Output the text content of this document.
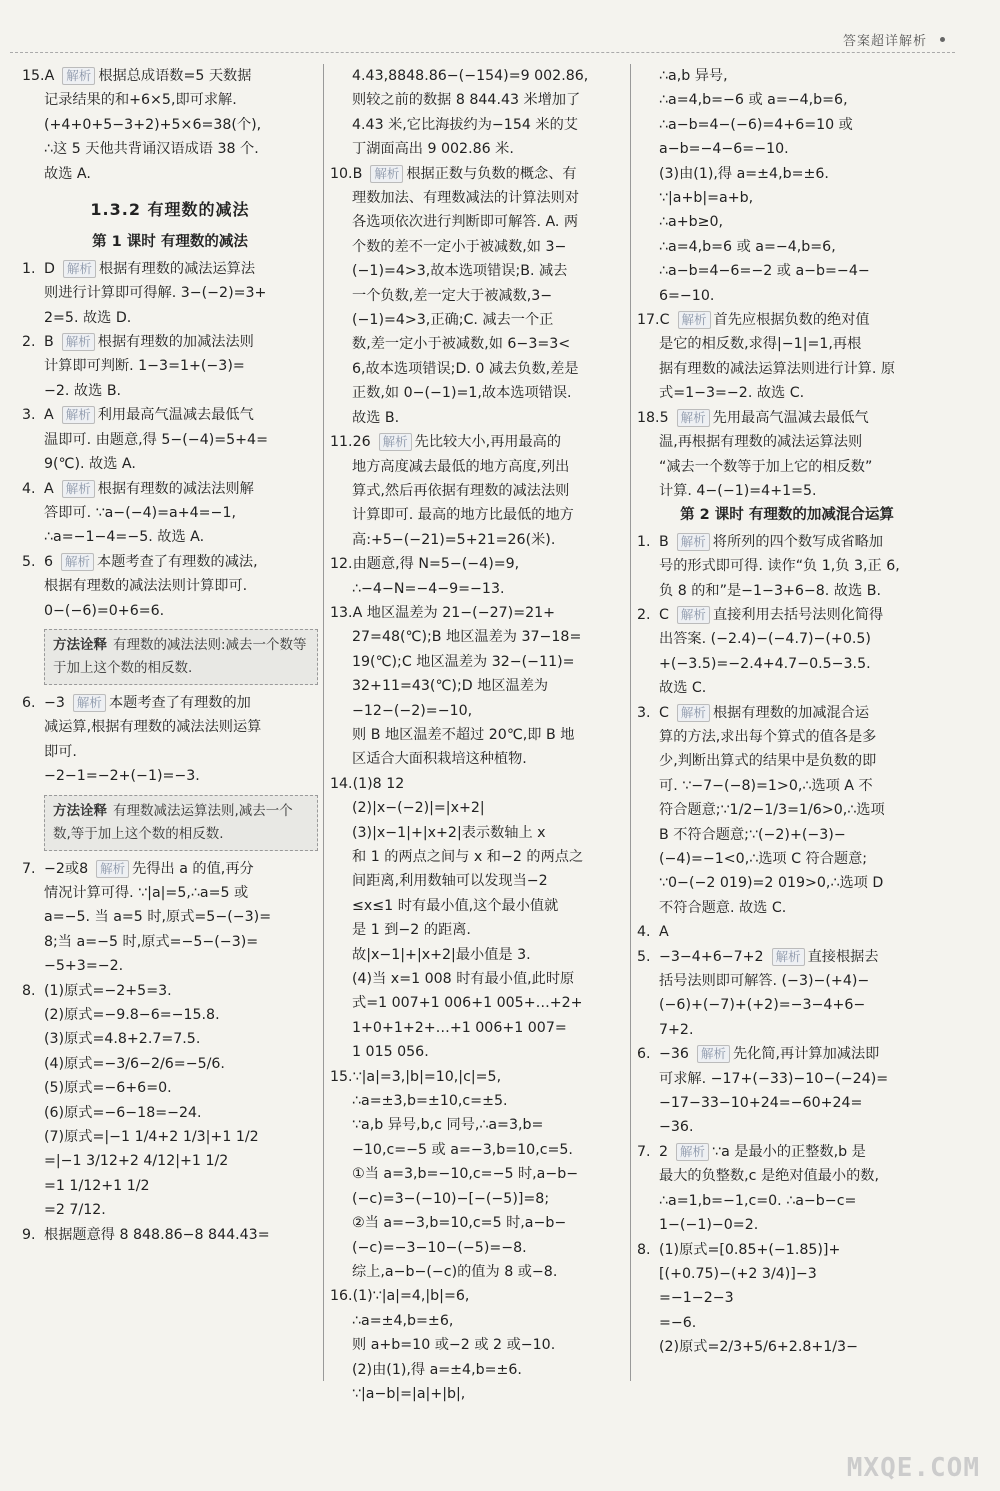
答案超详解析
15.A 解析 根据总成语数=5 天数据
记录结果的和+6×5,即可求解.
(+4+0+5−3+2)+5×6=38(个),
∴这 5 天他共背诵汉语成语 38 个.
故选 A.
1.3.2 有理数的减法
第 1 课时 有理数的减法
1. D 解析 根据有理数的减法运算法
则进行计算即可得解. 3−(−2)=3+
2=5. 故选 D.
2. B 解析 根据有理数的加减法法则
计算即可判断. 1−3=1+(−3)=
−2. 故选 B.
3. A 解析 利用最高气温减去最低气
温即可. 由题意,得 5−(−4)=5+4=
9(℃). 故选 A.
4. A 解析 根据有理数的减法法则解
答即可. ∵a−(−4)=a+4=−1,
∴a=−1−4=−5. 故选 A.
5. 6 解析 本题考查了有理数的减法,
根据有理数的减法法则计算即可.
0−(−6)=0+6=6.
方法诠释 有理数的减法法则:减去一个数等于加上这个数的相反数.
6. −3 解析 本题考查了有理数的加
减运算,根据有理数的减法法则运算
即可.
−2−1=−2+(−1)=−3.
方法诠释 有理数减法运算法则,减去一个数,等于加上这个数的相反数.
7. −2或8 解析 先得出 a 的值,再分
情况计算可得. ∵|a|=5,∴a=5 或
a=−5. 当 a=5 时,原式=5−(−3)=
8;当 a=−5 时,原式=−5−(−3)=
−5+3=−2.
8. (1)原式=−2+5=3.
(2)原式=−9.8−6=−15.8.
(3)原式=4.8+2.7=7.5.
(4)原式=−3/6−2/6=−5/6.
(5)原式=−6+6=0.
(6)原式=−6−18=−24.
(7)原式=|−1 1/4+2 1/3|+1 1/2
=|−1 3/12+2 4/12|+1 1/2
=1 1/12+1 1/2
=2 7/12.
9. 根据题意得 8 848.86−8 844.43=
4.43,8848.86−(−154)=9 002.86,
则较之前的数据 8 844.43 米增加了
4.43 米,它比海拔约为−154 米的艾
丁湖面高出 9 002.86 米.
10.B 解析 根据正数与负数的概念、有
理数加法、有理数减法的计算法则对
各选项依次进行判断即可解答. A. 两
个数的差不一定小于被减数,如 3−
(−1)=4>3,故本选项错误;B. 减去
一个负数,差一定大于被减数,3−
(−1)=4>3,正确;C. 减去一个正
数,差一定小于被减数,如 6−3=3<
6,故本选项错误;D. 0 减去负数,差是
正数,如 0−(−1)=1,故本选项错误.
故选 B.
11.26 解析 先比较大小,再用最高的
地方高度减去最低的地方高度,列出
算式,然后再依据有理数的减法法则
计算即可. 最高的地方比最低的地方
高:+5−(−21)=5+21=26(米).
12.由题意,得 N=5−(−4)=9,
∴−4−N=−4−9=−13.
13.A 地区温差为 21−(−27)=21+
27=48(℃);B 地区温差为 37−18=
19(℃);C 地区温差为 32−(−11)=
32+11=43(℃);D 地区温差为
−12−(−2)=−10,
则 B 地区温差不超过 20℃,即 B 地
区适合大面积栽培这种植物.
14.(1)8 12
(2)|x−(−2)|=|x+2|
(3)|x−1|+|x+2|表示数轴上 x
和 1 的两点之间与 x 和−2 的两点之
间距离,利用数轴可以发现当−2
≤x≤1 时有最小值,这个最小值就
是 1 到−2 的距离.
故|x−1|+|x+2|最小值是 3.
(4)当 x=1 008 时有最小值,此时原
式=1 007+1 006+1 005+…+2+
1+0+1+2+…+1 006+1 007=
1 015 056.
15.∵|a|=3,|b|=10,|c|=5,
∴a=±3,b=±10,c=±5.
∵a,b 异号,b,c 同号,∴a=3,b=
−10,c=−5 或 a=−3,b=10,c=5.
①当 a=3,b=−10,c=−5 时,a−b−
(−c)=3−(−10)−[−(−5)]=8;
②当 a=−3,b=10,c=5 时,a−b−
(−c)=−3−10−(−5)=−8.
综上,a−b−(−c)的值为 8 或−8.
16.(1)∵|a|=4,|b|=6,
∴a=±4,b=±6,
则 a+b=10 或−2 或 2 或−10.
(2)由(1),得 a=±4,b=±6.
∵|a−b|=|a|+|b|,
∴a,b 异号,
∴a=4,b=−6 或 a=−4,b=6,
∴a−b=4−(−6)=4+6=10 或
a−b=−4−6=−10.
(3)由(1),得 a=±4,b=±6.
∵|a+b|=a+b,
∴a+b≥0,
∴a=4,b=6 或 a=−4,b=6,
∴a−b=4−6=−2 或 a−b=−4−
6=−10.
17.C 解析 首先应根据负数的绝对值
是它的相反数,求得|−1|=1,再根
据有理数的减法运算法则进行计算. 原
式=1−3=−2. 故选 C.
18.5 解析 先用最高气温减去最低气
温,再根据有理数的减法运算法则
“减去一个数等于加上它的相反数”
计算. 4−(−1)=4+1=5.
第 2 课时 有理数的加减混合运算
1. B 解析 将所列的四个数写成省略加
号的形式即可得. 读作“负 1,负 3,正 6,
负 8 的和”是−1−3+6−8. 故选 B.
2. C 解析 直接利用去括号法则化简得
出答案. (−2.4)−(−4.7)−(+0.5)
+(−3.5)=−2.4+4.7−0.5−3.5.
故选 C.
3. C 解析 根据有理数的加减混合运
算的方法,求出每个算式的值各是多
少,判断出算式的结果中是负数的即
可. ∵−7−(−8)=1>0,∴选项 A 不
符合题意;∵1/2−1/3=1/6>0,∴选项
B 不符合题意;∵(−2)+(−3)−
(−4)=−1<0,∴选项 C 符合题意;
∵0−(−2 019)=2 019>0,∴选项 D
不符合题意. 故选 C.
4. A
5. −3−4+6−7+2 解析 直接根据去
括号法则即可解答. (−3)−(+4)−
(−6)+(−7)+(+2)=−3−4+6−
7+2.
6. −36 解析 先化简,再计算加减法即
可求解. −17+(−33)−10−(−24)=
−17−33−10+24=−60+24=
−36.
7. 2 解析 ∵a 是最小的正整数,b 是
最大的负整数,c 是绝对值最小的数,
∴a=1,b=−1,c=0. ∴a−b−c=
1−(−1)−0=2.
8. (1)原式=[0.85+(−1.85)]+
[(+0.75)−(+2 3/4)]−3
=−1−2−3
=−6.
(2)原式=2/3+5/6+2.8+1/3−
MXQE.COM
